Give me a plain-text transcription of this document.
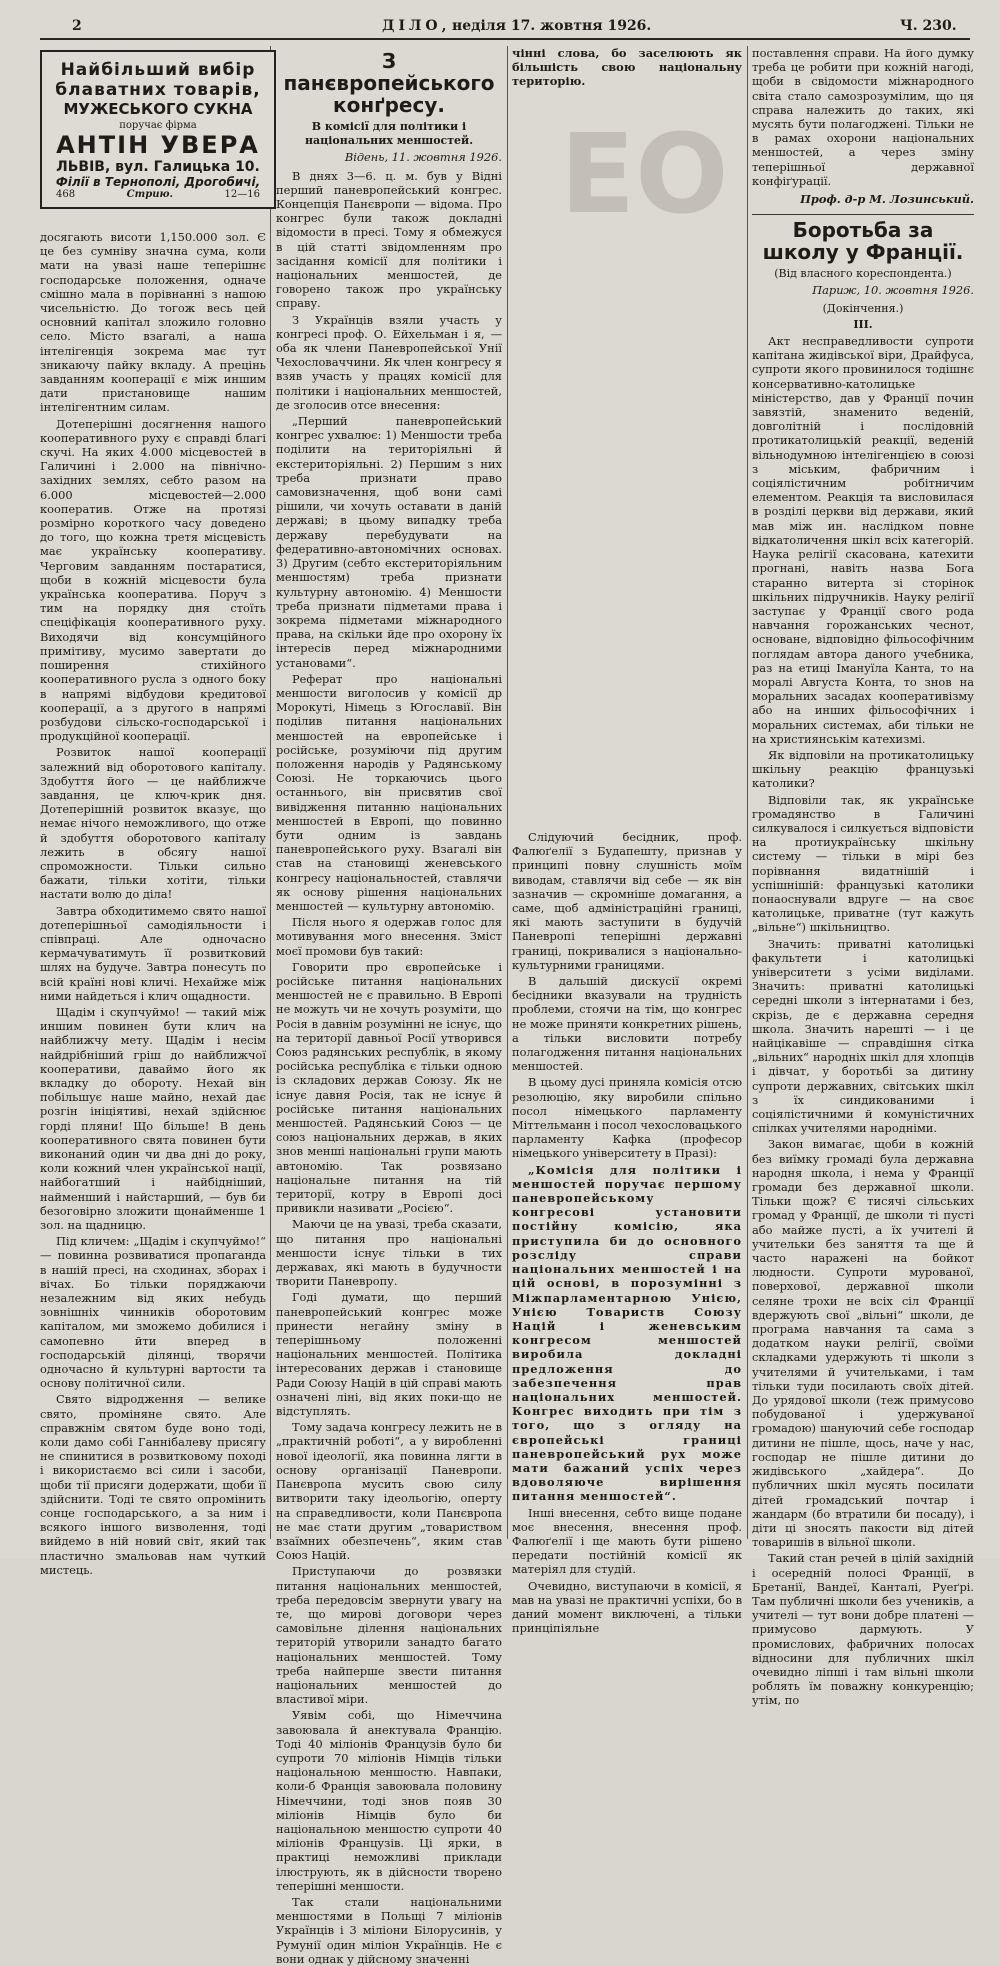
2	ДІЛО, неділя 17. жовтня 1926.	Ч. 230.
ЕО
Найбільший вибір
блаватних товарів,
МУЖЕСЬКОГО СУКНА
поручає фірма
АНТІН УВЕРА
ЛЬВІВ, вул. Галицька 10.
Філії в Тернополі, Дрогобичі,
468	Стрию.	12—16

досягають висоти 1,150.000 зол. Є це без сумніву значна сума, коли мати на увазі наше теперішнє господарське положення, одначе смішно мала в порівнанні з нашою чисельністю. До тогож весь цей основний капітал зложило головно село. Місто взагалі, а наша інтелігенція зокрема має тут зникаючу пайку вкладу. А прецінь завданням кооперації є між иншим дати пристановище нашим інтелігентним силам.

Дотеперішні досягнення нашого кооперативного руху є справді благі скучі. На яких 4.000 місцевостей в Галичині і 2.000 на північно-західних землях, себто разом на 6.000 місцевостей—2.000 кооператив. Отже на протязі розмірно короткого часу доведено до того, що кожна третя місцевість має українську кооперативу. Черговим завданням постаратися, щоби в кожній місцевости була українська кооператива. Поруч з тим на порядку дня стоїть спеціфікація кооперативного руху. Виходячи від консумційного примітиву, мусимо завертати до поширення стихійного кооперативного русла з одного боку в напрямі відбудови кредитової кооперації, а з другого в напрямі розбудови сільско-господарської і продукційної кооперації.

Розвиток нашої кооперації залежний від оборотового капіталу. Здобуття його — це найближче завдання, це ключ-крик дня. Дотеперішній розвиток вказує, що немає нічого неможливого, що отже й здобуття оборотового капіталу лежить в обсягу нашої спроможности. Тільки сильно бажати, тільки хотіти, тільки настати волю до діла!

Завтра обходитимемо свято нашої дотеперішньої самодіяльности і співпраці. Але одночасно кермачуватимуть її розвитковий шлях на будуче. Завтра понесуть по всій країні нові кличі. Нехайже між ними найдеться і клич ощадности.

Щадім і скупчуймо! — такий між иншим повинен бути клич на найближчу мету. Щадім і несім найдрібніший гріш до найближчої кооперативи, даваймо його як вкладку до обороту. Нехай він побільшує наше майно, нехай дає розгін ініціятиві, нехай здійснює горді пляни! Що більше! В день кооперативного свята повинен бути виконаний один чи два дні до року, коли кожний член української нації, найбогатший і найбідніший, найменший і найстарший, — був би безоговірно зложити щонайменше 1 зол. на щадницю.

Під кличем: „Щадім і скупчуймо!“ — повинна розвиватися пропаганда в нашій пресі, на сходинах, зборах і вічах. Бо тільки поряджаючи незалежним від яких небудь зовнішніх чинників оборотовим капіталом, ми зможемо добилися і самопевно йти вперед в господарській ділянці, творячи одночасно й культурні вартости та основу політичної сили.

Свято відродження — велике свято, проміняне свято. Але справжнім святом буде воно тоді, коли дамо собі Ганнібалеву присягу не спинитися в розвитковому поході і використаємо всі сили і засоби, щоби тії присяги додержати, щоби її здійснити. Тоді те свято опромінить сонце господарського, а за ним і всякого іншого визволення, тоді вийдемо в ній новий світ, який так пластично змальовав нам чуткий мистець.

З панєвропейського конґресу.
В комісії для політики і національних меншостей.
Відень, 11. жовтня 1926.

В днях 3—6. ц. м. був у Відні перший паневропейський конгрес. Концепція Панєвропи — відома. Про конгрес були також докладні відомости в пресі. Тому я обмежуся в цій статті звідомленням про засідання комісії для політики і національних меншостей, де говорено також про українську справу.

З Українців взяли участь у конгресі проф. О. Ейхельман і я, — оба як члени Паневропейської Унії Чехословаччини. Як член конгресу я взяв участь у працях комісії для політики і національних меншостей, де зголосив отсе внесення:

„Перший паневропейський конгрес ухвалює: 1) Меншости треба поділити на територіяльні й екстериторіяльні. 2) Першим з них треба признати право самовизначення, щоб вони самі рішили, чи хочуть оставати в даній державі; в цьому випадку треба державу перебудувати на федеративно-автономічних основах. 3) Другим (себто екстериторіяльним меншостям) треба признати культурну автономію. 4) Меншости треба признати підметами права і зокрема підметами міжнародного права, на скільки йде про охорону їх інтересів перед міжнародними установами“.

Реферат про національні меншости виголосив у комісії др Морокуті, Німець з Югославії. Він поділив питання національних меншостей на европейське і російське, розуміючи під другим положення народів у Радянському Союзі. Не торкаючись цього останнього, він присвятив свої вивідження питанню національних меншостей в Европі, що повинно бути одним із завдань паневропейського руху. Взагалі він став на становищі женевського конгресу національностей, ставлячи як основу рішення національних меншостей — культурну автономію.

Після нього я одержав голос для мотивування мого внесення. Зміст моєї промови був такий:

Говорити про європейське і російське питання національних меншостей не є правильно. В Европі не можуть чи не хочуть розуміти, що Росія в давнім розумінні не існує, що на території давньої Росії утворився Союз радянських республік, в якому російська республіка є тільки одною із складових держав Союзу. Як не існує давня Росія, так не існує й російське питання національних меншостей. Радянський Союз — це союз національних держав, в яких знов менші національні групи мають автономію. Так розвязано національне питання на тій території, котру в Европі досі привикли називати „Росією“.

Маючи це на увазі, треба сказати, що питання про національні меншости існує тільки в тих державах, які мають в будучности творити Паневропу.

Годі думати, що перший паневропейський конгрес може принести негайну зміну в теперішньому положенні національних меншостей. Політика інтересованих держав і становище Ради Союзу Націй в цій справі мають означені ліні, від яких поки-що не відступлять.

Тому задача конгресу лежить не в „практичній роботі“, а у виробленні нової ідеології, яка повинна лягти в основу організації Паневропи. Панєвропа мусить свою силу витворити таку ідеольогію, оперту на справедливости, коли Панєвропа не має стати другим „товариством взаїмних обезпечень“, яким став Союз Націй.

Приступаючи до розвязки питання національних меншостей, треба передовсім звернути увагу на те, що мирові договори через самовільне ділення національних територій утворили занадто багато національних меншостей. Тому треба найперше звести питання національних меншостей до властивої міри.

Уявім собі, що Німеччина завоювала й анектувала Францію. Тоді 40 міліонів Французів було би супроти 70 міліонів Німців тільки національною меншостю. Навпаки, коли-б Франція завоювала половину Німеччини, тоді знов появ 30 міліонів Німців було би національною меншостю супроти 40 міліонів Французів. Ці ярки, в практиці неможливі приклади ілюструють, як в дійсности творено теперішні меншости.

Так стали національними меншостями в Польщі 7 міліонів Українців і 3 міліони Білорусинів, у Румунії один міліон Українців. Не є вони однак у дійсному значенні

чінні слова, бо заселюють як більшість свою національну територію.

Слідуючий бесідник, проф. Фалюґелії з Будапешту, признав у принципі повну слушність моїм виводам, ставлячи від себе — як він зазначив — скромніше домагання, а саме, щоб адміністраційні границі, які мають заступити в будучій Паневропі теперішні державні границі, покривалися з національно-культурними границями.

В дальшій дискусії окремі бесідники вказували на трудність проблеми, стоячи на тім, що конгрес не може приняти конкретних рішень, а тільки висловити потребу полагодження питання національних меншостей.

В цьому дусі приняла комісія отсю резолюцію, яку виробили спільно посол німецького парламенту Міттельманн і посол чехословацького парламенту Кафка (професор німецького університету в Празі):

„Комісія для політики і меншостей поручає першому паневропейському конгресові установити постійну комісію, яка приступила би до основного розсліду справи національних меншостей і на цій основі, в порозумінні з Міжпарламентарною Унією, Унією Товариств Союзу Націй і женевським конгресом меншостей виробила докладні предложення до забезпечення прав національних меншостей. Конгрес виходить при тім з того, що з огляду на європейські границі паневропейський рух може мати бажаний успіх через вдоволяюче вирішення питання меншостей“.

Інші внесення, себто вище подане моє внесення, внесення проф. Фалюґелії і ще мають бути рішено передати постійній комісії як матеріял для студій.

Очевидно, виступаючи в комісії, я мав на увазі не практичні успіхи, бо в даний момент виключені, а тільки принціпіяльне

поставлення справи. На його думку треба це робити при кожній нагоді, щоби в свідомости міжнародного світа стало самозрозумілим, що ця справа належить до таких, які мусять бути полагоджені. Тільки не в рамах охорони національних меншостей, а через зміну теперішньої державної конфіґурації.

Проф. д-р М. Лозинський.
Боротьба за школу у Франції.
(Від власного кореспондента.)
Париж, 10. жовтня 1926.
(Докінчення.)
III.

Акт несправедливости супроти капітана жидівської віри, Драйфуса, супроти якого провинилося тодішнє консервативно-католицьке міністерство, дав у Франції почин завязтій, знаменито веденій, довголітній і послідовній протикатолицькій реакції, веденій вільнодумною інтелігенцією в союзі з міським, фабричним і соціялістичним робітничим елементом. Реакція та висловилася в розділі церкви від держави, який мав між ин. наслідком повне відкатоличення шкіл всіх категорій. Наука релігії скасована, катехити прогнані, навіть назва Бога старанно витерта зі сторінок шкільних підручників. Науку релігії заступає у Франції свого рода навчання горожанських чеснот, основане, відповідно фільософічним поглядам автора даного учебника, раз на етиці Імануїла Канта, то на моралі Августа Конта, то знов на моральних засадах кооперативізму або на инших фільософічних і моральних системах, аби тільки не на християнськім катехизмі.

Як відповіли на протикатолицьку шкільну реакцію французькі католики?

Відповіли так, як українське громадянство в Галичині силкувалося і силкується відповісти на протиукраїнську шкільну систему — тільки в мірі без порівнання видатнішій і успішнішій: французькі католики понаоснували вдруге — на своє католицьке, приватне (тут кажуть „вільне“) шкільництво.

Значить: приватні католицькі факультети і католицькі університети з усіми видiлами. Значить: приватні католицькі середні школи з інтернатами і без, скрізь, де є державна середня школа. Значить нарешті — і це найцікавіше — справдішня сітка „вільних“ народніх шкіл для хлопців і дівчат, у боротьбі за дитину супроти державних, світських шкіл з їх синдикованими і соціялістичними й комуністичних спілках учителями народніми.

Закон вимагає, щоби в кожній без виїмку громаді була державна народня школа, і нема у Франції громади без державної школи. Тільки щож? Є тисячі сільських громад у Франції, де школи ті пусті або майже пусті, а їх учителі й учительки без заняття та ще й часто наражені на бойкот людности. Супроти мурованої, поверхової, державної школи селянe трохи не всіх сіл Франції вдержують свої „вільні“ школи, де програма навчання та сама з додатком науки релігії, своїми складками удержують ті школи з учителями й учительками, і там тільки туди посилають своїх дітей. До урядової школи (теж примусово побудованої і удержуваної громадою) шануючий себе господар дитини не пішле, щось, наче у нас, господар не пішле дитини до жидівського „хайдера“. До публичних шкіл мусять посилати дітей громадський почтар і жандарм (бо втратили би посаду), і діти ці зносять пакости від дітей товаришів в вільної школи.

Такий стан речей в цілій західній і осередній полосі Франції, в Бретанії, Вандеї, Канталі, Руеґрі. Там публичні школи без учеників, а учителі — тут вони добре платені — примусово дармують. У промислових, фабричних полосах відносини для публичних шкіл очевидно ліпші і там вільні школи роблять їм поважну конкуренцію; утім, по
